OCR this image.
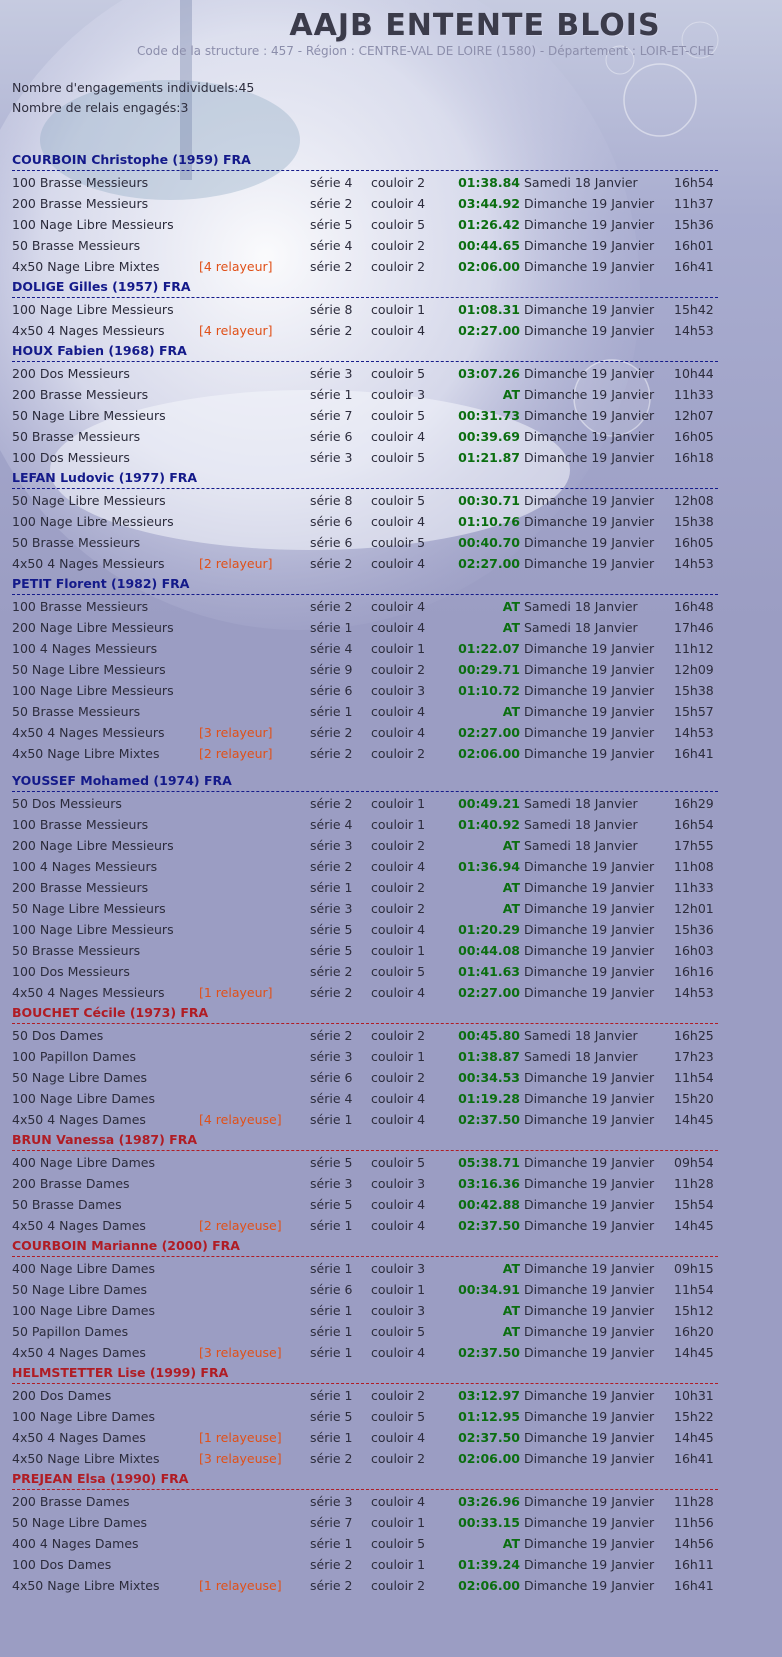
AAJB ENTENTE BLOIS
Code de la structure : 457 - Région : CENTRE-VAL DE LOIRE (1580) - Département : LOIR-ET-CHE
Nombre d'engagements individuels:45
Nombre de relais engagés:3
COURBOIN Christophe (1959) FRA
100 Brasse Messieurs	série 4 couloir 2	01:38.84 Samedi 18 Janvier	16h54
200 Brasse Messieurs	série 2 couloir 4	03:44.92 Dimanche 19 Janvier 11h37
100 Nage Libre Messieurs	série 5 couloir 5	01:26.42 Dimanche 19 Janvier 15h36
50 Brasse Messieurs	série 4 couloir 2	00:44.65 Dimanche 19 Janvier 16h01
4x50 Nage Libre Mixtes	[4 relayeur]	série 2 couloir 2	02:06.00 Dimanche 19 Janvier 16h41
DOLIGE Gilles (1957) FRA
100 Nage Libre Messieurs	série 8 couloir 1	01:08.31 Dimanche 19 Janvier 15h42
4x50 4 Nages Messieurs	[4 relayeur]	série 2 couloir 4	02:27.00 Dimanche 19 Janvier 14h53
HOUX Fabien (1968) FRA
200 Dos Messieurs	série 3 couloir 5	03:07.26 Dimanche 19 Janvier 10h44
200 Brasse Messieurs	série 1 couloir 3	AT Dimanche 19 Janvier 11h33
50 Nage Libre Messieurs	série 7 couloir 5	00:31.73 Dimanche 19 Janvier 12h07
50 Brasse Messieurs	série 6 couloir 4	00:39.69 Dimanche 19 Janvier 16h05
100 Dos Messieurs	série 3 couloir 5	01:21.87 Dimanche 19 Janvier 16h18
LEFAN Ludovic (1977) FRA
50 Nage Libre Messieurs	série 8 couloir 5	00:30.71 Dimanche 19 Janvier 12h08
100 Nage Libre Messieurs	série 6 couloir 4	01:10.76 Dimanche 19 Janvier 15h38
50 Brasse Messieurs	série 6 couloir 5	00:40.70 Dimanche 19 Janvier 16h05
4x50 4 Nages Messieurs	[2 relayeur]	série 2 couloir 4	02:27.00 Dimanche 19 Janvier 14h53
PETIT Florent (1982) FRA
100 Brasse Messieurs	série 2 couloir 4	AT Samedi 18 Janvier	16h48
200 Nage Libre Messieurs	série 1 couloir 4	AT Samedi 18 Janvier	17h46
100 4 Nages Messieurs	série 4 couloir 1	01:22.07 Dimanche 19 Janvier 11h12
50 Nage Libre Messieurs	série 9 couloir 2	00:29.71 Dimanche 19 Janvier 12h09
100 Nage Libre Messieurs	série 6 couloir 3	01:10.72 Dimanche 19 Janvier 15h38
50 Brasse Messieurs	série 1 couloir 4	AT Dimanche 19 Janvier 15h57
4x50 4 Nages Messieurs	[3 relayeur]	série 2 couloir 4	02:27.00 Dimanche 19 Janvier 14h53
4x50 Nage Libre Mixtes	[2 relayeur]	série 2 couloir 2	02:06.00 Dimanche 19 Janvier 16h41
YOUSSEF Mohamed (1974) FRA
50 Dos Messieurs	série 2 couloir 1	00:49.21 Samedi 18 Janvier	16h29
100 Brasse Messieurs	série 4 couloir 1	01:40.92 Samedi 18 Janvier	16h54
200 Nage Libre Messieurs	série 3 couloir 2	AT Samedi 18 Janvier	17h55
100 4 Nages Messieurs	série 2 couloir 4	01:36.94 Dimanche 19 Janvier 11h08
200 Brasse Messieurs	série 1 couloir 2	AT Dimanche 19 Janvier 11h33
50 Nage Libre Messieurs	série 3 couloir 2	AT Dimanche 19 Janvier 12h01
100 Nage Libre Messieurs	série 5 couloir 4	01:20.29 Dimanche 19 Janvier 15h36
50 Brasse Messieurs	série 5 couloir 1	00:44.08 Dimanche 19 Janvier 16h03
100 Dos Messieurs	série 2 couloir 5	01:41.63 Dimanche 19 Janvier 16h16
4x50 4 Nages Messieurs	[1 relayeur]	série 2 couloir 4	02:27.00 Dimanche 19 Janvier 14h53
BOUCHET Cécile (1973) FRA
50 Dos Dames	série 2 couloir 2	00:45.80 Samedi 18 Janvier	16h25
100 Papillon Dames	série 3 couloir 1	01:38.87 Samedi 18 Janvier	17h23
50 Nage Libre Dames	série 6 couloir 2	00:34.53 Dimanche 19 Janvier 11h54
100 Nage Libre Dames	série 4 couloir 4	01:19.28 Dimanche 19 Janvier 15h20
4x50 4 Nages Dames	[4 relayeuse] série 1 couloir 4	02:37.50 Dimanche 19 Janvier 14h45
BRUN Vanessa (1987) FRA
400 Nage Libre Dames	série 5 couloir 5	05:38.71 Dimanche 19 Janvier 09h54
200 Brasse Dames	série 3 couloir 3	03:16.36 Dimanche 19 Janvier 11h28
50 Brasse Dames	série 5 couloir 4	00:42.88 Dimanche 19 Janvier 15h54
4x50 4 Nages Dames	[2 relayeuse] série 1 couloir 4	02:37.50 Dimanche 19 Janvier 14h45
COURBOIN Marianne (2000) FRA
400 Nage Libre Dames	série 1 couloir 3	AT Dimanche 19 Janvier 09h15
50 Nage Libre Dames	série 6 couloir 1	00:34.91 Dimanche 19 Janvier 11h54
100 Nage Libre Dames	série 1 couloir 3	AT Dimanche 19 Janvier 15h12
50 Papillon Dames	série 1 couloir 5	AT Dimanche 19 Janvier 16h20
4x50 4 Nages Dames	[3 relayeuse] série 1 couloir 4	02:37.50 Dimanche 19 Janvier 14h45
HELMSTETTER Lise (1999) FRA
200 Dos Dames	série 1 couloir 2	03:12.97 Dimanche 19 Janvier 10h31
100 Nage Libre Dames	série 5 couloir 5	01:12.95 Dimanche 19 Janvier 15h22
4x50 4 Nages Dames	[1 relayeuse] série 1 couloir 4	02:37.50 Dimanche 19 Janvier 14h45
4x50 Nage Libre Mixtes	[3 relayeuse] série 2 couloir 2	02:06.00 Dimanche 19 Janvier 16h41
PREJEAN Elsa (1990) FRA
200 Brasse Dames	série 3 couloir 4	03:26.96 Dimanche 19 Janvier 11h28
50 Nage Libre Dames	série 7 couloir 1	00:33.15 Dimanche 19 Janvier 11h56
400 4 Nages Dames	série 1 couloir 5	AT Dimanche 19 Janvier 14h56
100 Dos Dames	série 2 couloir 1	01:39.24 Dimanche 19 Janvier 16h11
4x50 Nage Libre Mixtes	[1 relayeuse] série 2 couloir 2	02:06.00 Dimanche 19 Janvier 16h41
